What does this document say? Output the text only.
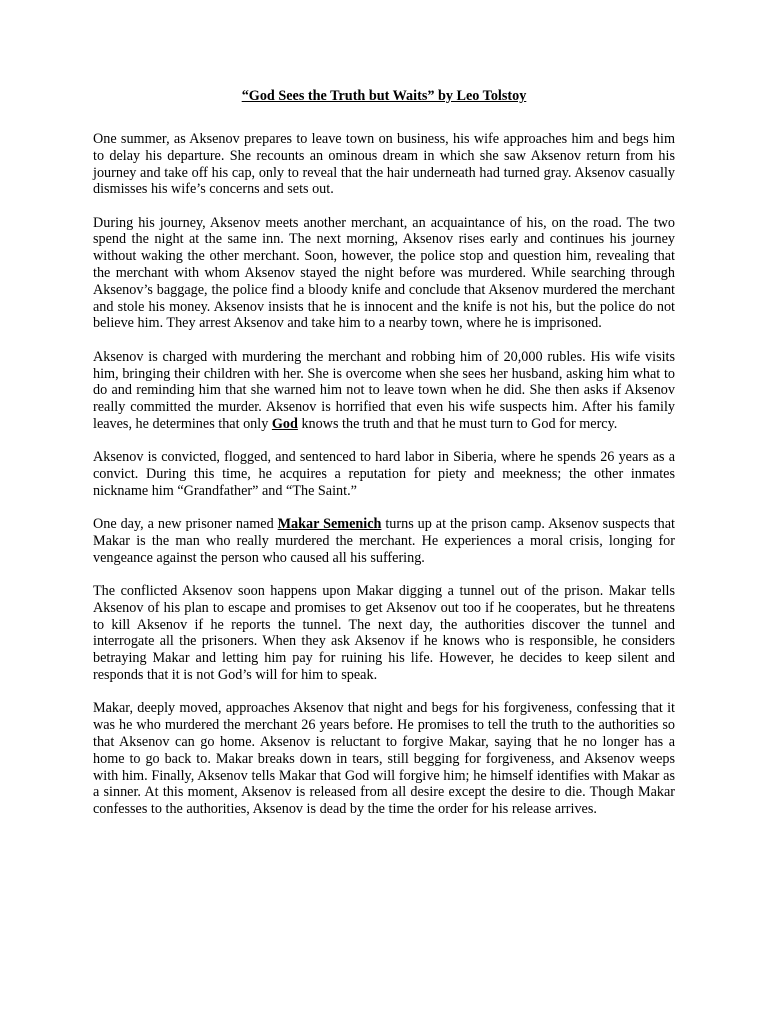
“God Sees the Truth but Waits” by Leo Tolstoy

One summer, as Aksenov prepares to leave town on business, his wife approaches him and begs him to delay his departure. She recounts an ominous dream in which she saw Aksenov return from his journey and take off his cap, only to reveal that the hair underneath had turned gray. Aksenov casually dismisses his wife’s concerns and sets out.

During his journey, Aksenov meets another merchant, an acquaintance of his, on the road. The two spend the night at the same inn. The next morning, Aksenov rises early and continues his journey without waking the other merchant. Soon, however, the police stop and question him, revealing that the merchant with whom Aksenov stayed the night before was murdered. While searching through Aksenov’s baggage, the police find a bloody knife and conclude that Aksenov murdered the merchant and stole his money. Aksenov insists that he is innocent and the knife is not his, but the police do not believe him. They arrest Aksenov and take him to a nearby town, where he is imprisoned.

Aksenov is charged with murdering the merchant and robbing him of 20,000 rubles. His wife visits him, bringing their children with her. She is overcome when she sees her husband, asking him what to do and reminding him that she warned him not to leave town when he did. She then asks if Aksenov really committed the murder. Aksenov is horrified that even his wife suspects him. After his family leaves, he determines that only God knows the truth and that he must turn to God for mercy.

Aksenov is convicted, flogged, and sentenced to hard labor in Siberia, where he spends 26 years as a convict. During this time, he acquires a reputation for piety and meekness; the other inmates nickname him “Grandfather” and “The Saint.”

One day, a new prisoner named Makar Semenich turns up at the prison camp. Aksenov suspects that Makar is the man who really murdered the merchant. He experiences a moral crisis, longing for vengeance against the person who caused all his suffering.

The conflicted Aksenov soon happens upon Makar digging a tunnel out of the prison. Makar tells Aksenov of his plan to escape and promises to get Aksenov out too if he cooperates, but he threatens to kill Aksenov if he reports the tunnel. The next day, the authorities discover the tunnel and interrogate all the prisoners. When they ask Aksenov if he knows who is responsible, he considers betraying Makar and letting him pay for ruining his life. However, he decides to keep silent and responds that it is not God’s will for him to speak.

Makar, deeply moved, approaches Aksenov that night and begs for his forgiveness, confessing that it was he who murdered the merchant 26 years before. He promises to tell the truth to the authorities so that Aksenov can go home. Aksenov is reluctant to forgive Makar, saying that he no longer has a home to go back to. Makar breaks down in tears, still begging for forgiveness, and Aksenov weeps with him. Finally, Aksenov tells Makar that God will forgive him; he himself identifies with Makar as a sinner. At this moment, Aksenov is released from all desire except the desire to die. Though Makar confesses to the authorities, Aksenov is dead by the time the order for his release arrives.
